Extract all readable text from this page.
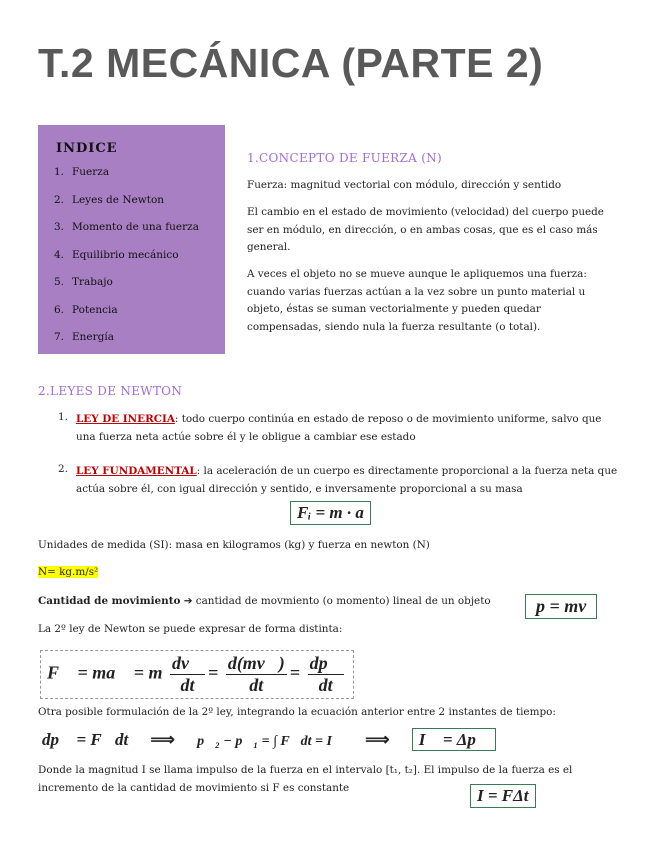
T.2 MECÁNICA (PARTE 2)
INDICE
1. Fuerza
2. Leyes de Newton
3. Momento de una fuerza
4. Equilibrio mecánico
5. Trabajo
6. Potencia
7. Energía
1.CONCEPTO DE FUERZA (N)
Fuerza: magnitud vectorial con módulo, dirección y sentido
El cambio en el estado de movimiento (velocidad) del cuerpo puede ser en módulo, en dirección, o en ambas cosas, que es el caso más general.
A veces el objeto no se mueve aunque le apliquemos una fuerza: cuando varias fuerzas actúan a la vez sobre un punto material u objeto, éstas se suman vectorialmente y pueden quedar compensadas, siendo nula la fuerza resultante (o total).
2.LEYES DE NEWTON
1. LEY DE INERCIA: todo cuerpo continúa en estado de reposo o de movimiento uniforme, salvo que una fuerza neta actúe sobre él y le obligue a cambiar ese estado
2. LEY FUNDAMENTAL: la aceleración de un cuerpo es directamente proporcional a la fuerza neta que actúa sobre él, con igual dirección y sentido, e inversamente proporcional a su masa
Fᵢ = m · a
Unidades de medida (SI): masa en kilogramos (kg) y fuerza en newton (N)
N= kg.m/s²
Cantidad de movimiento ➔ cantidad de movmiento (o momento) lineal de un objeto	p = mv
La 2º ley de Newton se puede expresar de forma distinta:
F⃗ = ma⃗ = m $\frac{dv⃗}{dt} = \frac{d(mv⃗)}{dt} = \frac{dp⃗}{dt}$
Otra posible formulación de la 2º ley, integrando la ecuación anterior entre 2 instantes de tiempo:
dp⃗ = F⃗dt ⟹ p⃗₂ − p⃗₁ = ∫ F⃗dt = I⃗ ⟹ I⃗ = Δp⃗
Donde la magnitud I se llama impulso de la fuerza en el intervalo [t₁, t₂]. El impulso de la fuerza es el incremento de la cantidad de movimiento si F es constante	I = FΔt
